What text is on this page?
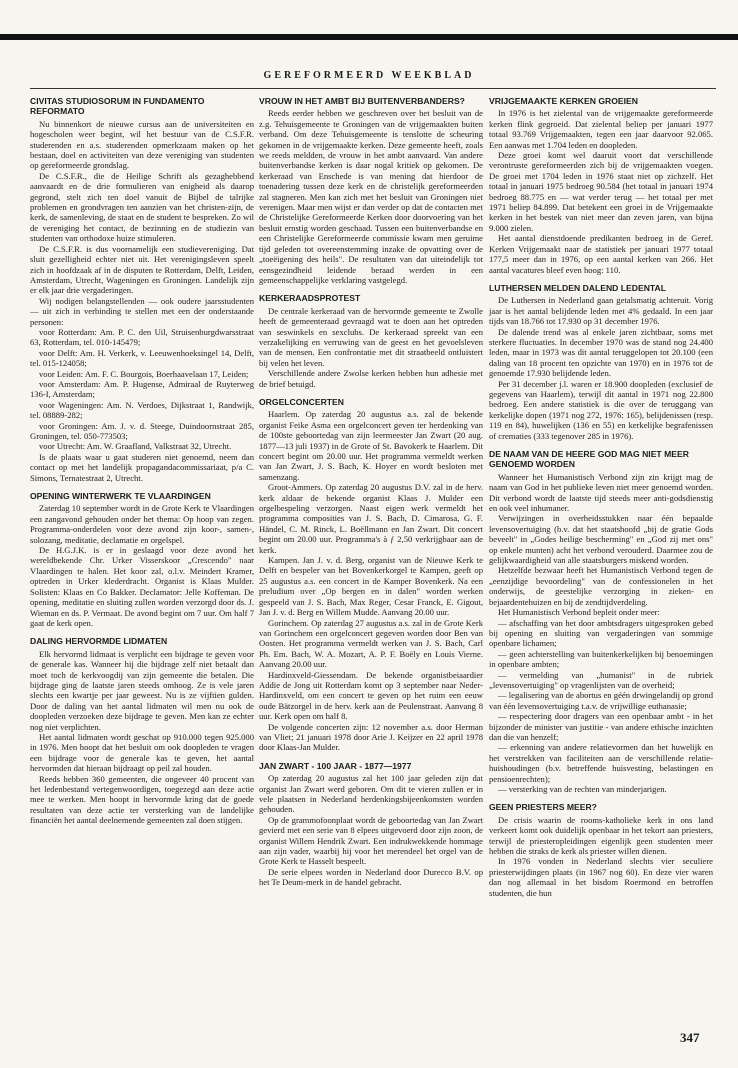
GEREFORMEERD WEEKBLAD
CIVITAS STUDIOSORUM IN FUNDAMENTO REFORMATO

Nu binnenkort de nieuwe cursus aan de universiteiten en hogescholen weer begint, wil het bestuur van de C.S.F.R. studerenden en a.s. studerenden opmerkzaam maken op het bestaan, doel en activiteiten van deze vereniging van studenten op gereformeerde grondslag.

De C.S.F.R., die de Heilige Schrift als gezaghebbend aanvaardt en de drie formulieren van enigheid als daarop gegrond, stelt zich ten doel vanuit de Bijbel de talrijke problemen en grondvragen ten aanzien van het christen-zijn, de kerk, de samenleving, de staat en de student te bespreken. Zo wil de vereniging het contact, de bezinning en de studiezin van studenten van orthodoxe huize stimuleren.

De C.S.F.R. is dus voornamelijk een studievereniging. Dat sluit gezelligheid echter niet uit. Het verenigingsleven speelt zich in hoofdzaak af in de disputen te Rotterdam, Delft, Leiden, Amsterdam, Utrecht, Wageningen en Groningen. Landelijk zijn er elk jaar drie vergaderingen.

Wij nodigen belangstellenden — ook oudere jaarsstudenten — uit zich in verbinding te stellen met een der onderstaande personen:

voor Rotterdam: Am. P. C. den Uil, Struisenburgdwarsstraat 63, Rotterdam, tel. 010-145479;

voor Delft: Am. H. Verkerk, v. Leeuwenhoeksingel 14, Delft, tel. 015-124058;

voor Leiden: Am. F. C. Bourgois, Boerhaavelaan 17, Leiden;

voor Amsterdam: Am. P. Hugense, Admiraal de Ruyterweg 136-I, Amsterdam;

voor Wageningen: Am. N. Verdoes, Dijkstraat 1, Randwijk, tel. 08889-282;

voor Groningen: Am. J. v. d. Steege, Duindoornstraat 285, Groningen, tel. 050-773503;

voor Utrecht: Am. W. Graafland, Valkstraat 32, Utrecht.

Is de plaats waar u gaat studeren niet genoemd, neem dan contact op met het landelijk propagandacommissariaat, p/a C. Simons, Ternatestraat 2, Utrecht.

OPENING WINTERWERK TE VLAARDINGEN

Zaterdag 10 september wordt in de Grote Kerk te Vlaardingen een zangavond gehouden onder het thema: Op hoop van zegen. Programma-onderdelen voor deze avond zijn koor-, samen-, solozang, meditatie, declamatie en orgelspel.

De H.G.J.K. is er in geslaagd voor deze avond het wereldbekende Chr. Urker Visserskoor „Crescendo" naar Vlaardingen te halen. Het koor zal, o.l.v. Meindert Kramer, optreden in Urker klederdracht. Organist is Klaas Mulder. Solisten: Klaas en Co Bakker. Declamator: Jelle Koffeman. De opening, meditatie en sluiting zullen worden verzorgd door ds. J. Wieman en ds. P. Vermaat. De avond begint om 7 uur. Om half 7 gaat de kerk open.

DALING HERVORMDE LIDMATEN

Elk hervormd lidmaat is verplicht een bijdrage te geven voor de generale kas. Wanneer hij die bijdrage zelf niet betaalt dan moet toch de kerkvoogdij van zijn gemeente die betalen. Die bijdrage ging de laatste jaren steeds omhoog. Ze is vele jaren slechts een kwartje per jaar geweest. Nu is ze vijftien gulden. Door de daling van het aantal lidmaten wil men nu ook de doopleden verzoeken deze bijdrage te geven. Men kan ze echter nog niet verplichten.

Het aantal lidmaten wordt geschat op 910.000 tegen 925.000 in 1976. Men hoopt dat het besluit om ook doopleden te vragen een bijdrage voor de generale kas te geven, het aantal hervormden dat hieraan bijdraagt op peil zal houden.

Reeds hebben 360 gemeenten, die ongeveer 40 procent van het ledenbestand vertegenwoordigen, toegezegd aan deze actie mee te werken. Men hoopt in hervormde kring dat de goede resultaten van deze actie ter versterking van de landelijke financiën het aantal deelnemende gemeenten zal doen stijgen.

VROUW IN HET AMBT BIJ BUITENVERBANDERS?

Reeds eerder hebben we geschreven over het besluit van de z.g. Tehuisgemeente te Groningen van de vrijgemaakten buiten verband. Om deze Tehuisgemeente is tenslotte de scheuring gekomen in de vrijgemaakte kerken. Deze gemeente heeft, zoals we reeds meldden, de vrouw in het ambt aanvaard. Van andere buitenverbandse kerken is daar nogal kritiek op gekomen. De kerkeraad van Enschede is van mening dat hierdoor de toenadering tussen deze kerk en de christelijk gereformeerden zal stagneren. Men kan zich met het besluit van Groningen niet verenigen. Maar men wijst er dan verder op dat de contacten met de Christelijke Gereformeerde Kerken door doorvoering van het besluit ernstig worden geschaad. Tussen een buitenverbandse en een Christelijke Gereformeerde commissie kwam men geruime tijd geleden tot overeenstemming inzake de opvatting over de „toeëigening des heils". De resultaten van dat uiteindelijk tot eensgezindheid leidende beraad werden in een gemeenschappelijke verklaring vastgelegd.

KERKERAADSPROTEST

De centrale kerkeraad van de hervormde gemeente te Zwolle heeft de gemeenteraad gevraagd wat te doen aan het optreden van seswinkels en sexclubs. De kerkeraad spreekt van een verzakelijking en verruwing van de geest en het gevoelsleven van de mensen. Een confrontatie met dit straatbeeld ontluistert bij velen het leven.

Verschillende andere Zwolse kerken hebben hun adhesie met de brief betuigd.

ORGELCONCERTEN

Haarlem. Op zaterdag 20 augustus a.s. zal de bekende organist Feike Asma een orgelconcert geven ter herdenking van de 100ste geboortedag van zijn leermeester Jan Zwart (20 aug. 1877—13 juli 1937) in de Grote of St. Bavokerk te Haarlem. Dit concert begint om 20.00 uur. Het programma vermeldt werken van Jan Zwart, J. S. Bach, K. Hoyer en wordt besloten met samenzang.

Groot-Ammers. Op zaterdag 20 augustus D.V. zal in de herv. kerk aldaar de bekende organist Klaas J. Mulder een orgelbespeling verzorgen. Naast eigen werk vermeldt het programma composities van J. S. Bach, D. Cimarosa, G. F. Händel, C. M. Rinck, L. Boëllmann en Jan Zwart. Dit concert begint om 20.00 uur. Programma's à ƒ 2,50 verkrijgbaar aan de kerk.

Kampen. Jan J. v. d. Berg, organist van de Nieuwe Kerk te Delft en bespeler van het Bovenkerkorgel te Kampen, geeft op 25 augustus a.s. een concert in de Kamper Bovenkerk. Na een preludium over „Op bergen en in dalen" worden werken gespeeld van J. S. Bach, Max Reger, Cesar Franck, E. Gigout, Jan J. v. d. Berg en Willem Mudde. Aanvang 20.00 uur.

Gorinchem. Op zaterdag 27 augustus a.s. zal in de Grote Kerk van Gorinchem een orgelconcert gegeven worden door Ben van Oosten. Het programma vermeldt werken van J. S. Bach, Carl Ph. Em. Bach, W. A. Mozart, A. P. F. Boëly en Louis Vierne. Aanvang 20.00 uur.

Hardinxveld-Giessendam. De bekende organistbeiaardier Addie de Jong uit Rotterdam komt op 3 september naar Neder-Hardinxveld, om een concert te geven op het ruim een eeuw oude Bätzorgel in de herv. kerk aan de Peulenstraat. Aanvang 8 uur. Kerk open om half 8.

De volgende concerten zijn: 12 november a.s. door Herman van Vliet; 21 januari 1978 door Arie J. Keijzer en 22 april 1978 door Klaas-Jan Mulder.

JAN ZWART - 100 JAAR - 1877—1977

Op zaterdag 20 augustus zal het 100 jaar geleden zijn dat organist Jan Zwart werd geboren. Om dit te vieren zullen er in vele plaatsen in Nederland herdenkingsbijeenkomsten worden gehouden.

Op de grammofoonplaat wordt de geboortedag van Jan Zwart gevierd met een serie van 8 elpees uitgevoerd door zijn zoon, de organist Willem Hendrik Zwart. Een indrukwekkende hommage aan zijn vader, waarbij hij voor het merendeel het orgel van de Grote Kerk te Hasselt bespeelt.

De serie elpees worden in Nederland door Durecco B.V. op het Te Deum-merk in de handel gebracht.

VRIJGEMAAKTE KERKEN GROEIEN

In 1976 is het zielental van de vrijgemaakte gereformeerde kerken flink gegroeid. Dat zielental beliep per januari 1977 totaal 93.769 Vrijgemaakten, tegen een jaar daarvoor 92.065. Een aanwas met 1.704 leden en doopleden.

Deze groei komt wel daaruit voort dat verschillende verontruste gereformeerden zich bij de vrijgemaakten voegen. De groei met 1704 leden in 1976 staat niet op zichzelf. Het totaal in januari 1975 bedroeg 90.584 (het totaal in januari 1974 bedroeg 88.775 en — wat verder terug — het totaal per met 1971 beliep 84.899. Dat betekent een groei in de Vrijgemaakte kerken in het bestek van niet meer dan zeven jaren, van bijna 9.000 zielen.

Het aantal dienstdoende predikanten bedroeg in de Geref. Kerken Vrijgemaakt naar de statistiek per januari 1977 totaal 177,5 meer dan in 1976, op een aantal kerken van 266. Het aantal vacatures bleef even hoog: 110.

LUTHERSEN MELDEN DALEND LEDENTAL

De Luthersen in Nederland gaan getalsmatig achteruit. Vorig jaar is het aantal belijdende leden met 4% gedaald. In een jaar tijds van 18.766 tot 17.930 op 31 december 1976.

De dalende trend was al enkele jaren zichtbaar, soms met sterkere fluctuaties. In december 1970 was de stand nog 24.400 leden, maar in 1973 was dit aantal teruggelopen tot 20.100 (een daling van 18 procent ten opzichte van 1970) en in 1976 tot de genoemde 17.930 belijdende leden.

Per 31 december j.l. waren er 18.900 doopleden (exclusief de gegevens van Haarlem), terwijl dit aantal in 1971 nog 22.800 bedroeg. Een andere statistiek is die over de teruggang van kerkelijke dopen (1971 nog 272, 1976: 165), belijdenissen (resp. 119 en 84), huwelijken (136 en 55) en kerkelijke begrafenissen of crematies (333 tegenover 285 in 1976).

DE NAAM VAN DE HEERE GOD MAG NIET MEER GENOEMD WORDEN

Wanneer het Humanistisch Verbond zijn zin krijgt mag de naam van God in het publieke leven niet meer genoemd worden. Dit verbond wordt de laatste tijd steeds meer anti-godsdienstig en ook veel inhumaner.

Verwijzingen in overheidsstukken naar één bepaalde levensovertuiging (b.v. dat het staatshoofd „bij de gratie Gods beveelt" in „Godes heilige bescherming" en „God zij met ons" op enkele munten) acht het verbond verouderd. Daarmee zou de gelijkwaardigheid van alle staatsburgers miskend worden.

Hetzelfde bezwaar heeft het Humanistisch Verbond tegen de „eenzijdige bevoordeling" van de confessionelen in het onderwijs, de geestelijke verzorging in zieken- en bejaardentehuizen en bij de zendtijdverdeling.

Het Humanistisch Verbond bepleit onder meer:

— afschaffing van het door ambtsdragers uitgesproken gebed bij opening en sluiting van vergaderingen van sommige openbare lichamen;

— geen achterstelling van buitenkerkelijken bij benoemingen in openbare ambten;

— vermelding van „humanist" in de rubriek „levensovertuiging" op vragenlijsten van de overheid;

— legalisering van de abortus en géén drwingelandij op grond van één levensovertuiging t.a.v. de vrijwillige euthanasie;

— respectering door dragers van een openbaar ambt - in het bijzonder de minister van justitie - van andere ethische inzichten dan die van henzelf;

— erkenning van andere relatievormen dan het huwelijk en het verstrekken van faciliteiten aan de verschillende relatie-huishoudingen (b.v. betreffende huisvesting, belastingen en pensioenrechten);

— versterking van de rechten van minderjarigen.

GEEN PRIESTERS MEER?

De crisis waarin de rooms-katholieke kerk in ons land verkeert komt ook duidelijk openbaar in het tekort aan priesters, terwijl de priesteropleidingen eigenlijk geen studenten meer hebben die straks de kerk als priester willen dienen.

In 1976 vonden in Nederland slechts vier seculiere priesterwijdingen plaats (in 1967 nog 60). En deze vier waren dan nog allemaal in het bisdom Roermond en betroffen studenten, die hun

347
